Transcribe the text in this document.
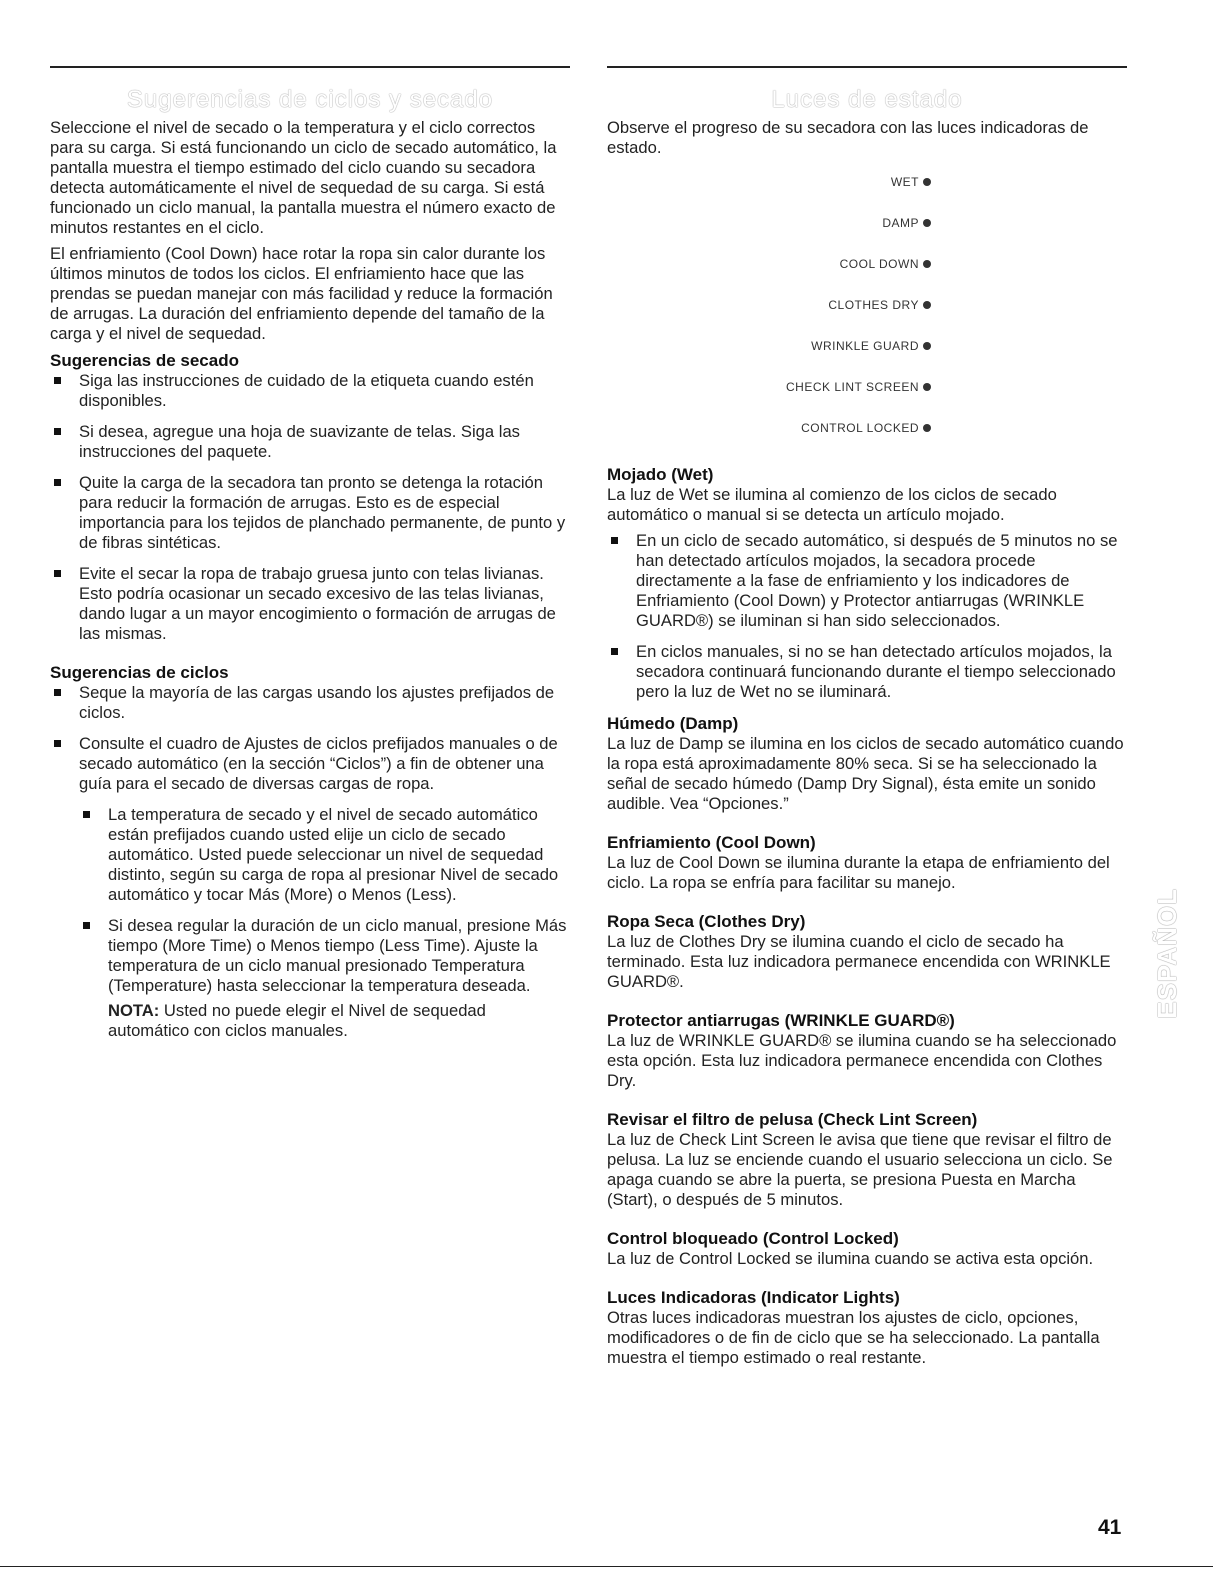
Sugerencias de ciclos y secado

Seleccione el nivel de secado o la temperatura y el ciclo correctos para su carga. Si está funcionando un ciclo de secado automático, la pantalla muestra el tiempo estimado del ciclo cuando su secadora detecta automáticamente el nivel de sequedad de su carga. Si está funcionado un ciclo manual, la pantalla muestra el número exacto de minutos restantes en el ciclo.

El enfriamiento (Cool Down) hace rotar la ropa sin calor durante los últimos minutos de todos los ciclos. El enfriamiento hace que las prendas se puedan manejar con más facilidad y reduce la formación de arrugas. La duración del enfriamiento depende del tamaño de la carga y el nivel de sequedad.

Sugerencias de secado
Siga las instrucciones de cuidado de la etiqueta cuando estén disponibles.
Si desea, agregue una hoja de suavizante de telas. Siga las instrucciones del paquete.
Quite la carga de la secadora tan pronto se detenga la rotación para reducir la formación de arrugas. Esto es de especial importancia para los tejidos de planchado permanente, de punto y de fibras sintéticas.
Evite el secar la ropa de trabajo gruesa junto con telas livianas. Esto podría ocasionar un secado excesivo de las telas livianas, dando lugar a un mayor encogimiento o formación de arrugas de las mismas.
Sugerencias de ciclos
Seque la mayoría de las cargas usando los ajustes prefijados de ciclos.
Consulte el cuadro de Ajustes de ciclos prefijados manuales o de secado automático (en la sección “Ciclos”) a fin de obtener una guía para el secado de diversas cargas de ropa.
La temperatura de secado y el nivel de secado automático están prefijados cuando usted elije un ciclo de secado automático. Usted puede seleccionar un nivel de sequedad distinto, según su carga de ropa al presionar Nivel de secado automático y tocar Más (More) o Menos (Less).
Si desea regular la duración de un ciclo manual, presione Más tiempo (More Time) o Menos tiempo (Less Time). Ajuste la temperatura de un ciclo manual presionado Temperatura (Temperature) hasta seleccionar la temperatura deseada.

NOTA: Usted no puede elegir el Nivel de sequedad automático con ciclos manuales.

Luces de estado

Observe el progreso de su secadora con las luces indicadoras de estado.

WET
DAMP
COOL DOWN
CLOTHES DRY
WRINKLE GUARD
CHECK LINT SCREEN
CONTROL LOCKED
Mojado (Wet)

La luz de Wet se ilumina al comienzo de los ciclos de secado automático o manual si se detecta un artículo mojado.

En un ciclo de secado automático, si después de 5 minutos no se han detectado artículos mojados, la secadora procede directamente a la fase de enfriamiento y los indicadores de Enfriamiento (Cool Down) y Protector antiarrugas (WRINKLE GUARD®) se iluminan si han sido seleccionados.
En ciclos manuales, si no se han detectado artículos mojados, la secadora continuará funcionando durante el tiempo seleccionado pero la luz de Wet no se iluminará.
Húmedo (Damp)

La luz de Damp se ilumina en los ciclos de secado automático cuando la ropa está aproximadamente 80% seca. Si se ha seleccionado la señal de secado húmedo (Damp Dry Signal), ésta emite un sonido audible. Vea “Opciones.”

Enfriamiento (Cool Down)

La luz de Cool Down se ilumina durante la etapa de enfriamiento del ciclo. La ropa se enfría para facilitar su manejo.

Ropa Seca (Clothes Dry)

La luz de Clothes Dry se ilumina cuando el ciclo de secado ha terminado. Esta luz indicadora permanece encendida con WRINKLE GUARD®.

Protector antiarrugas (WRINKLE GUARD®)

La luz de WRINKLE GUARD® se ilumina cuando se ha seleccionado esta opción. Esta luz indicadora permanece encendida con Clothes Dry.

Revisar el filtro de pelusa (Check Lint Screen)

La luz de Check Lint Screen le avisa que tiene que revisar el filtro de pelusa. La luz se enciende cuando el usuario selecciona un ciclo. Se apaga cuando se abre la puerta, se presiona Puesta en Marcha (Start), o después de 5 minutos.

Control bloqueado (Control Locked)

La luz de Control Locked se ilumina cuando se activa esta opción.

Luces Indicadoras (Indicator Lights)

Otras luces indicadoras muestran los ajustes de ciclo, opciones, modificadores o de fin de ciclo que se ha seleccionado. La pantalla muestra el tiempo estimado o real restante.

ESPAÑOL
41
